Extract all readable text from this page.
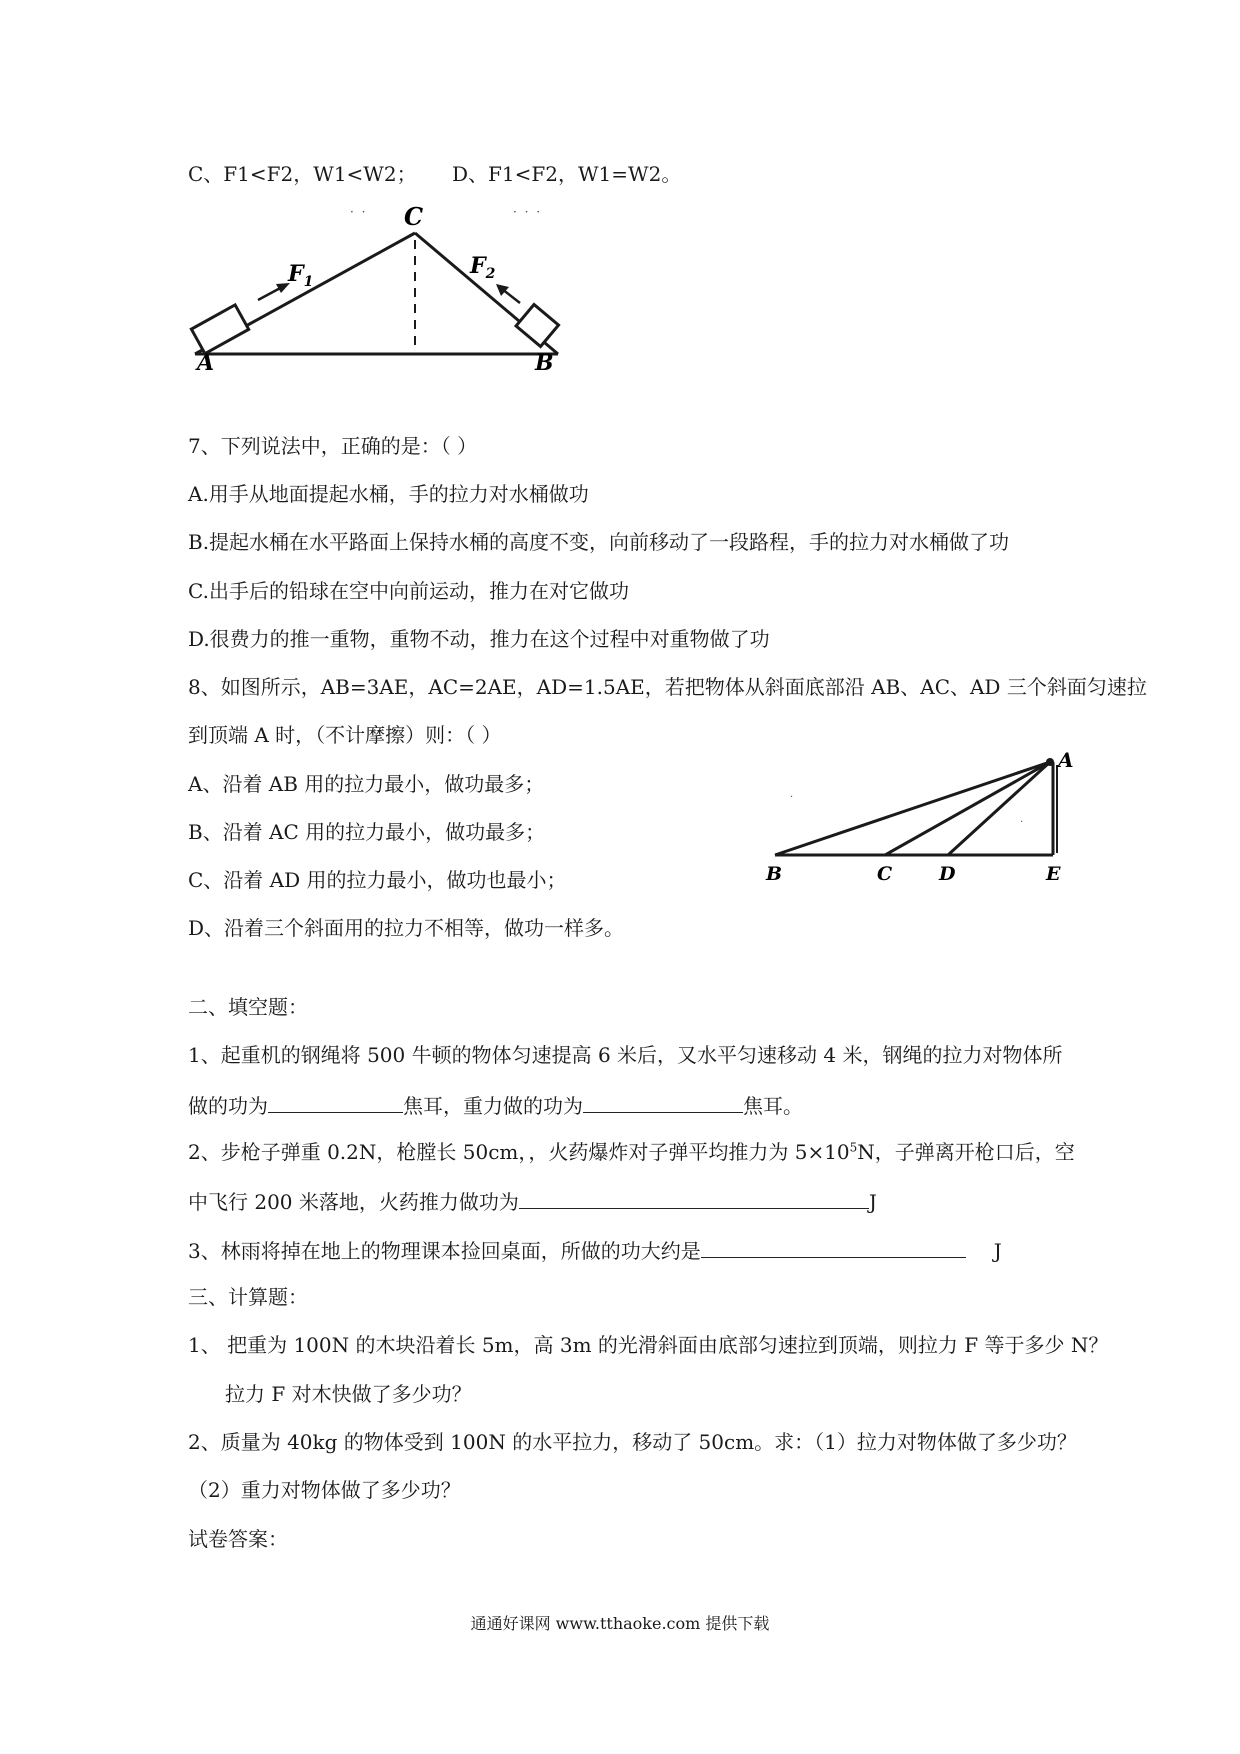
C、F1<F2，W1<W2； D、F1<F2，W1=W2。
· ·	· · ·
C
A	B
$F_1$
$F_2$
7、下列说法中，正确的是：（ ）
A.用手从地面提起水桶，手的拉力对水桶做功
B.提起水桶在水平路面上保持水桶的高度不变，向前移动了一段路程，手的拉力对水桶做了功
C.出手后的铅球在空中向前运动，推力在对它做功
D.很费力的推一重物，重物不动，推力在这个过程中对重物做了功
8、如图所示，AB=3AE，AC=2AE，AD=1.5AE，若把物体从斜面底部沿 AB、AC、AD 三个斜面匀速拉
到顶端 A 时，（不计摩擦）则：（ ）
A、沿着 AB 用的拉力最小，做功最多；
B、沿着 AC 用的拉力最小，做功最多；
C、沿着 AD 用的拉力最小，做功也最小；
D、沿着三个斜面用的拉力不相等，做功一样多。
A
B	C D	E
·
·
二、填空题：
1、起重机的钢绳将 500 牛顿的物体匀速提高 6 米后，又水平匀速移动 4 米，钢绳的拉力对物体所
做的功为	焦耳，重力做的功为	焦耳。
2、步枪子弹重 0.2N，枪膛长 50cm，，火药爆炸对子弹平均推力为 $5\times 10^5N$，子弹离开枪口后，空
中飞行 200 米落地，火药推力做功为	J
3、林雨将掉在地上的物理课本捡回桌面，所做的功大约是	J
三、计算题：
1、 把重为 100N 的木块沿着长 5m，高 3m 的光滑斜面由底部匀速拉到顶端，则拉力 F 等于多少 N？
拉力 F 对木快做了多少功？
2、质量为 40kg 的物体受到 100N 的水平拉力，移动了 50cm。求：（1）拉力对物体做了多少功？
（2）重力对物体做了多少功？
试卷答案：
通通好课网 www.tthaoke.com 提供下载
